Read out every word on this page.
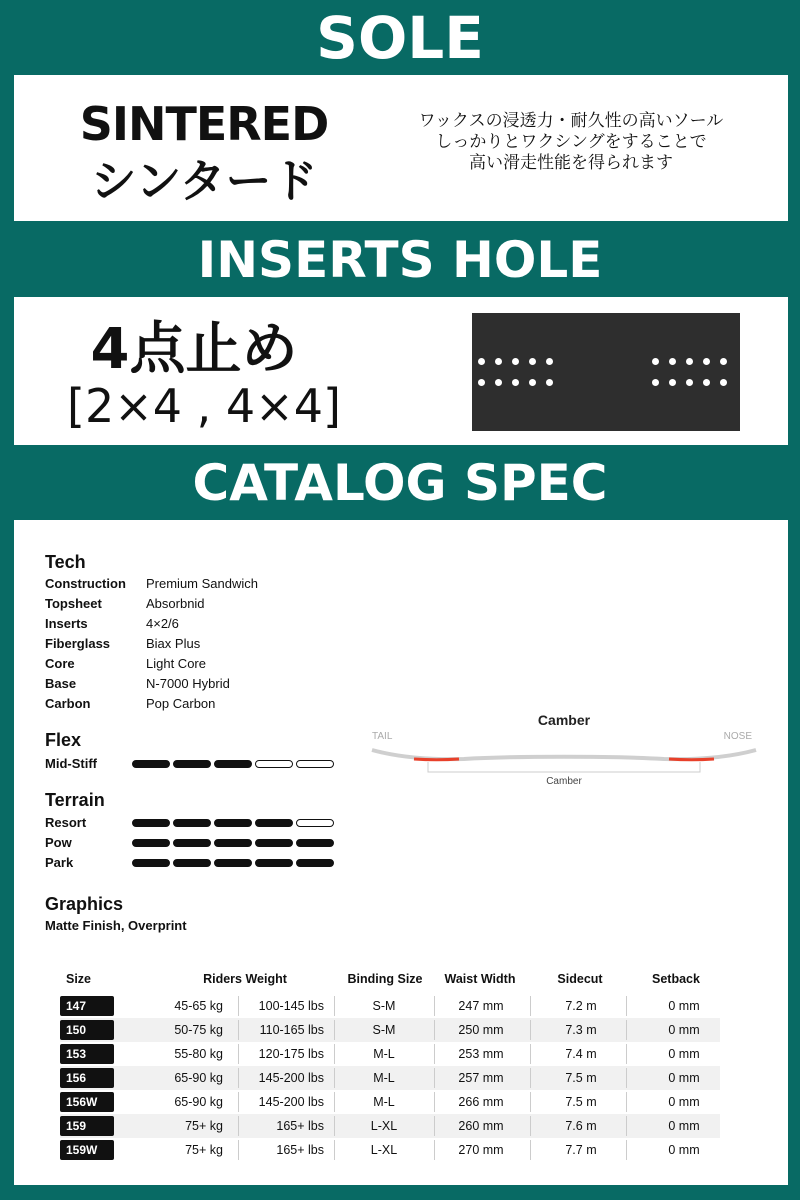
SOLE
INSERTS HOLE
CATALOG SPEC
SINTERED
シンタード
ワックスの浸透力・耐久性の高いソール
しっかりとワクシングをすることで
高い滑走性能を得られます
4点止め
[2×4 , 4×4]
Tech
Construction Premium Sandwich
Topsheet	Absorbnid
Inserts	4×2/6
Fiberglass	Biax Plus
Core	Light Core
Base	N-7000 Hybrid
Carbon	Pop Carbon
Flex
Mid-Stiff
Terrain
Resort
Pow
Park
Graphics
Matte Finish, Overprint
Camber
TAIL	NOSE
Camber
Size	Riders Weight	Binding Size	Waist Width	Sidecut	Setback
147	45-65 kg	100-145 lbs	S-M	247 mm	7.2 m	0 mm
150	50-75 kg	110-165 lbs	S-M	250 mm	7.3 m	0 mm
153	55-80 kg	120-175 lbs	M-L	253 mm	7.4 m	0 mm
156	65-90 kg	145-200 lbs	M-L	257 mm	7.5 m	0 mm
156W	65-90 kg	145-200 lbs	M-L	266 mm	7.5 m	0 mm
159	75+ kg	165+ lbs	L-XL	260 mm	7.6 m	0 mm
159W	75+ kg	165+ lbs	L-XL	270 mm	7.7 m	0 mm
